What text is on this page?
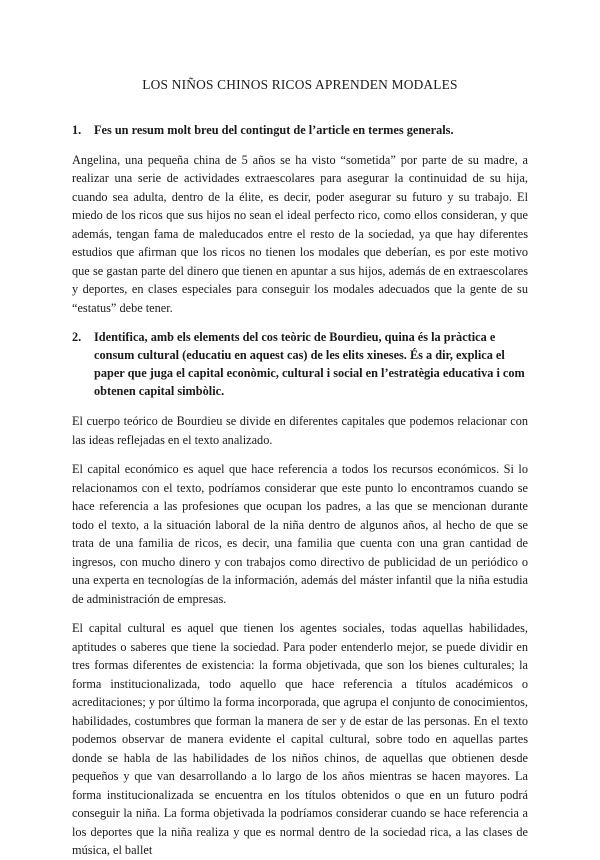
LOS NIÑOS CHINOS RICOS APRENDEN MODALES
1.	Fes un resum molt breu del contingut de l’article en termes generals.

Angelina, una pequeña china de 5 años se ha visto “sometida” por parte de su madre, a realizar una serie de actividades extraescolares para asegurar la continuidad de su hija, cuando sea adulta, dentro de la élite, es decir, poder asegurar su futuro y su trabajo. El miedo de los ricos que sus hijos no sean el ideal perfecto rico, como ellos consideran, y que además, tengan fama de maleducados entre el resto de la sociedad, ya que hay diferentes estudios que afirman que los ricos no tienen los modales que deberían, es por este motivo que se gastan parte del dinero que tienen en apuntar a sus hijos, además de en extraescolares y deportes, en clases especiales para conseguir los modales adecuados que la gente de su “estatus” debe tener.

2.	Identifica, amb els elements del cos teòric de Bourdieu, quina és la pràctica e consum cultural (educatiu en aquest cas) de les elits xineses. És a dir, explica el paper que juga el capital econòmic, cultural i social en l’estratègia educativa i com obtenen capital simbòlic.

El cuerpo teórico de Bourdieu se divide en diferentes capitales que podemos relacionar con las ideas reflejadas en el texto analizado.

El capital económico es aquel que hace referencia a todos los recursos económicos. Si lo relacionamos con el texto, podríamos considerar que este punto lo encontramos cuando se hace referencia a las profesiones que ocupan los padres, a las que se mencionan durante todo el texto, a la situación laboral de la niña dentro de algunos años, al hecho de que se trata de una familia de ricos, es decir, una familia que cuenta con una gran cantidad de ingresos, con mucho dinero y con trabajos como directivo de publicidad de un periódico o una experta en tecnologías de la información, además del máster infantil que la niña estudia de administración de empresas.

El capital cultural es aquel que tienen los agentes sociales, todas aquellas habilidades, aptitudes o saberes que tiene la sociedad. Para poder entenderlo mejor, se puede dividir en tres formas diferentes de existencia: la forma objetivada, que son los bienes culturales; la forma institucionalizada, todo aquello que hace referencia a títulos académicos o acreditaciones; y por último la forma incorporada, que agrupa el conjunto de conocimientos, habilidades, costumbres que forman la manera de ser y de estar de las personas. En el texto podemos observar de manera evidente el capital cultural, sobre todo en aquellas partes donde se habla de las habilidades de los niños chinos, de aquellas que obtienen desde pequeños y que van desarrollando a lo largo de los años mientras se hacen mayores. La forma institucionalizada se encuentra en los títulos obtenidos o que en un futuro podrá conseguir la niña. La forma objetivada la podríamos considerar cuando se hace referencia a los deportes que la niña realiza y que es normal dentro de la sociedad rica, a las clases de música, el ballet
